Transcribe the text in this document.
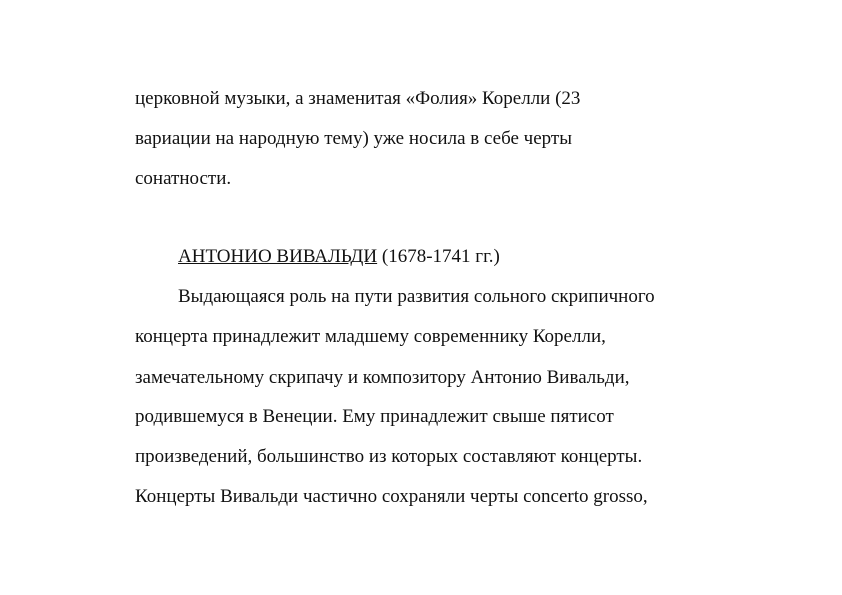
церковной музыки, а знаменитая «Фолия» Корелли (23
вариации на народную тему) уже носила в себе черты
сонатности.
АНТОНИО ВИВАЛЬДИ (1678-1741 гг.)
Выдающаяся роль на пути развития сольного скрипичного
концерта принадлежит младшему современнику Корелли,
замечательному скрипачу и композитору Антонио Вивальди,
родившемуся в Венеции. Ему принадлежит свыше пятисот
произведений, большинство из которых составляют концерты.
Концерты Вивальди частично сохраняли черты concerto grosso,
